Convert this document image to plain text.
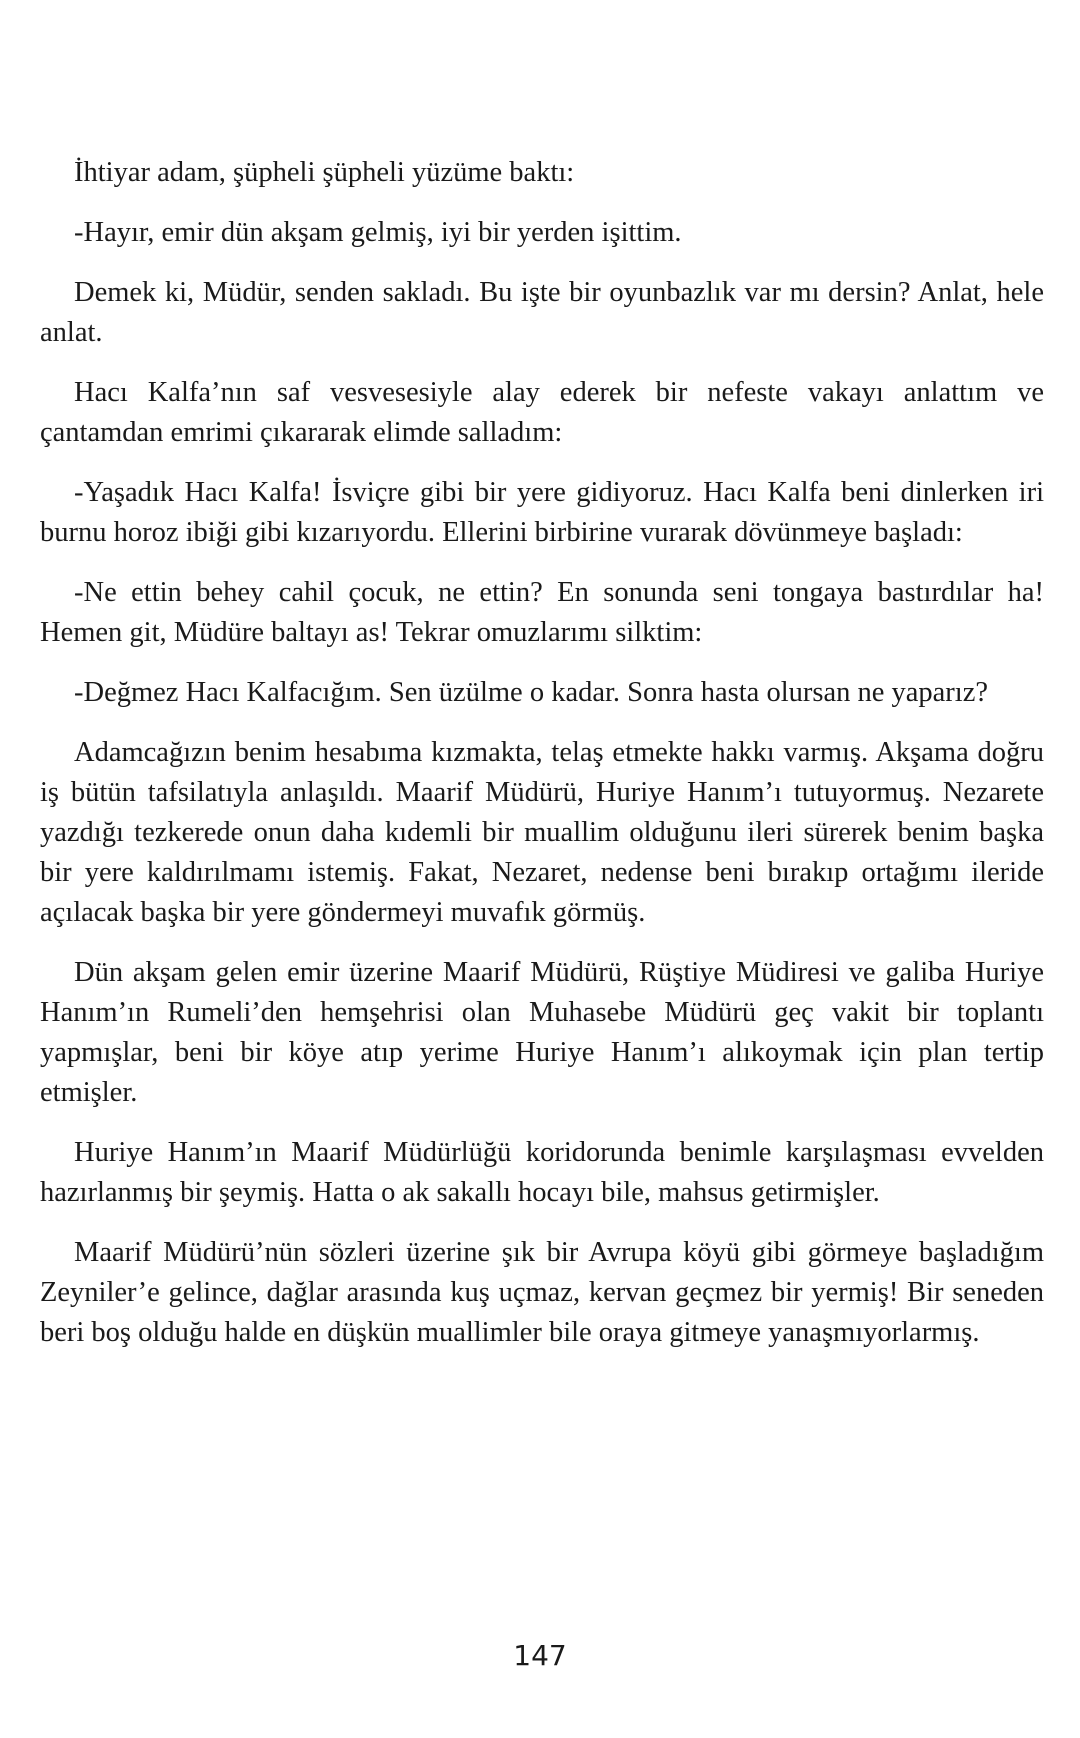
İhtiyar adam, şüpheli şüpheli yüzüme baktı:

-Hayır, emir dün akşam gelmiş, iyi bir yerden işittim.

Demek ki, Müdür, senden sakladı. Bu işte bir oyunbazlık var mı dersin? Anlat, hele anlat.

Hacı Kalfa’nın saf vesvesesiyle alay ederek bir nefeste vakayı anlattım ve çantamdan emrimi çıkararak elimde salladım:

-Yaşadık Hacı Kalfa! İsviçre gibi bir yere gidiyoruz. Hacı Kalfa beni dinlerken iri burnu horoz ibiği gibi kızarıyordu. Ellerini birbirine vurarak dövünmeye başladı:

-Ne ettin behey cahil çocuk, ne ettin? En sonunda seni tongaya bastırdılar ha! Hemen git, Müdüre baltayı as! Tekrar omuzlarımı silktim:

-Değmez Hacı Kalfacığım. Sen üzülme o kadar. Sonra hasta olursan ne yaparız?

Adamcağızın benim hesabıma kızmakta, telaş etmekte hakkı varmış. Akşama doğru iş bütün tafsilatıyla anlaşıldı. Maarif Müdürü, Huriye Hanım’ı tutuyormuş. Nezarete yazdığı tezkerede onun daha kıdemli bir muallim olduğunu ileri sürerek benim başka bir yere kaldırılmamı istemiş. Fakat, Nezaret, nedense beni bırakıp ortağımı ileride açılacak başka bir yere göndermeyi muvafık görmüş.

Dün akşam gelen emir üzerine Maarif Müdürü, Rüştiye Müdiresi ve galiba Huriye Hanım’ın Rumeli’den hemşehrisi olan Muhasebe Müdürü geç vakit bir toplantı yapmışlar, beni bir köye atıp yerime Huriye Hanım’ı alıkoymak için plan tertip etmişler.

Huriye Hanım’ın Maarif Müdürlüğü koridorunda benimle karşılaşması evvelden hazırlanmış bir şeymiş. Hatta o ak sakallı hocayı bile, mahsus getirmişler.

Maarif Müdürü’nün sözleri üzerine şık bir Avrupa köyü gibi görmeye başladığım Zeyniler’e gelince, dağlar arasında kuş uçmaz, kervan geçmez bir yermiş! Bir seneden beri boş olduğu halde en düşkün muallimler bile oraya gitmeye yanaşmıyorlarmış.

147
